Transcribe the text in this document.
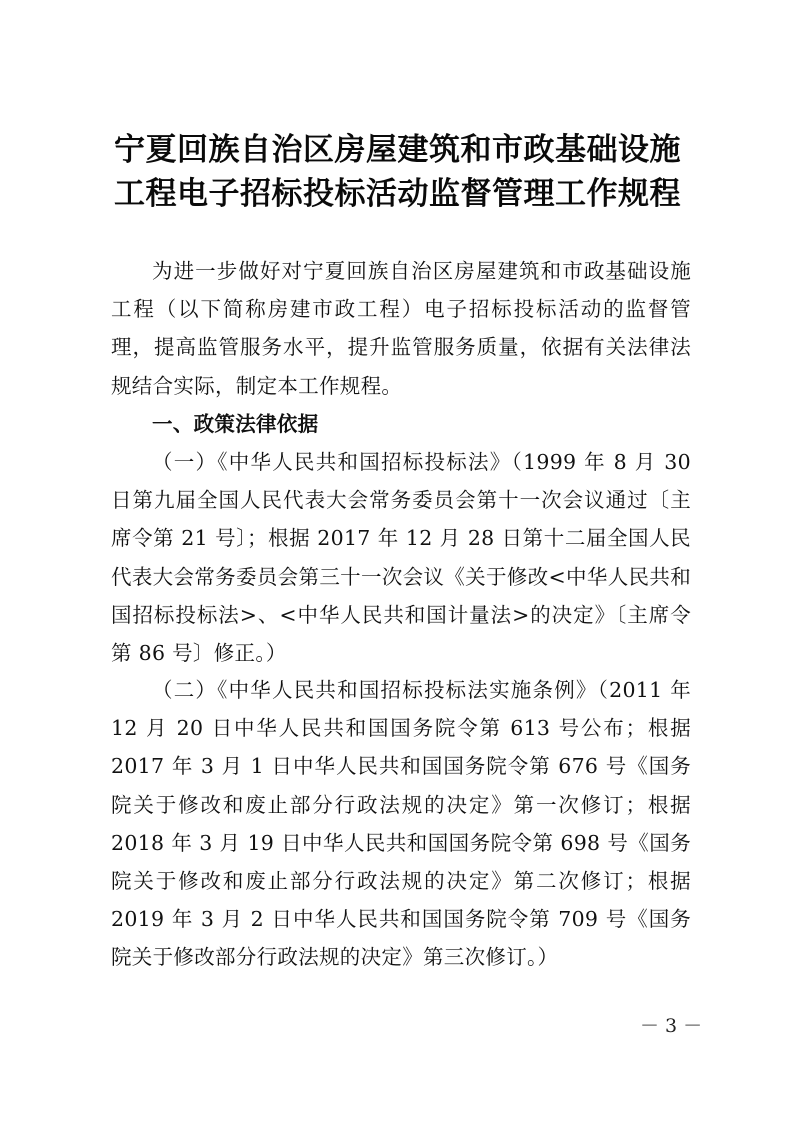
宁夏回族自治区房屋建筑和市政基础设施
工程电子招标投标活动监督管理工作规程
为进一步做好对宁夏回族自治区房屋建筑和市政基础设施工程（以下简称房建市政工程）电子招标投标活动的监督管理，提高监管服务水平，提升监管服务质量，依据有关法律法规结合实际，制定本工作规程。
一、政策法律依据
（一）《中华人民共和国招标投标法》（1999 年 8 月 30 日第九届全国人民代表大会常务委员会第十一次会议通过〔主席令第 21 号〕；根据 2017 年 12 月 28 日第十二届全国人民代表大会常务委员会第三十一次会议《关于修改<中华人民共和国招标投标法>、<中华人民共和国计量法>的决定》〔主席令第 86 号〕修正。）
（二）《中华人民共和国招标投标法实施条例》（2011 年 12 月 20 日中华人民共和国国务院令第 613 号公布；根据 2017 年 3 月 1 日中华人民共和国国务院令第 676 号《国务院关于修改和废止部分行政法规的决定》第一次修订；根据 2018 年 3 月 19 日中华人民共和国国务院令第 698 号《国务院关于修改和废止部分行政法规的决定》第二次修订；根据 2019 年 3 月 2 日中华人民共和国国务院令第 709 号《国务院关于修改部分行政法规的决定》第三次修订。）
－ 3 －
